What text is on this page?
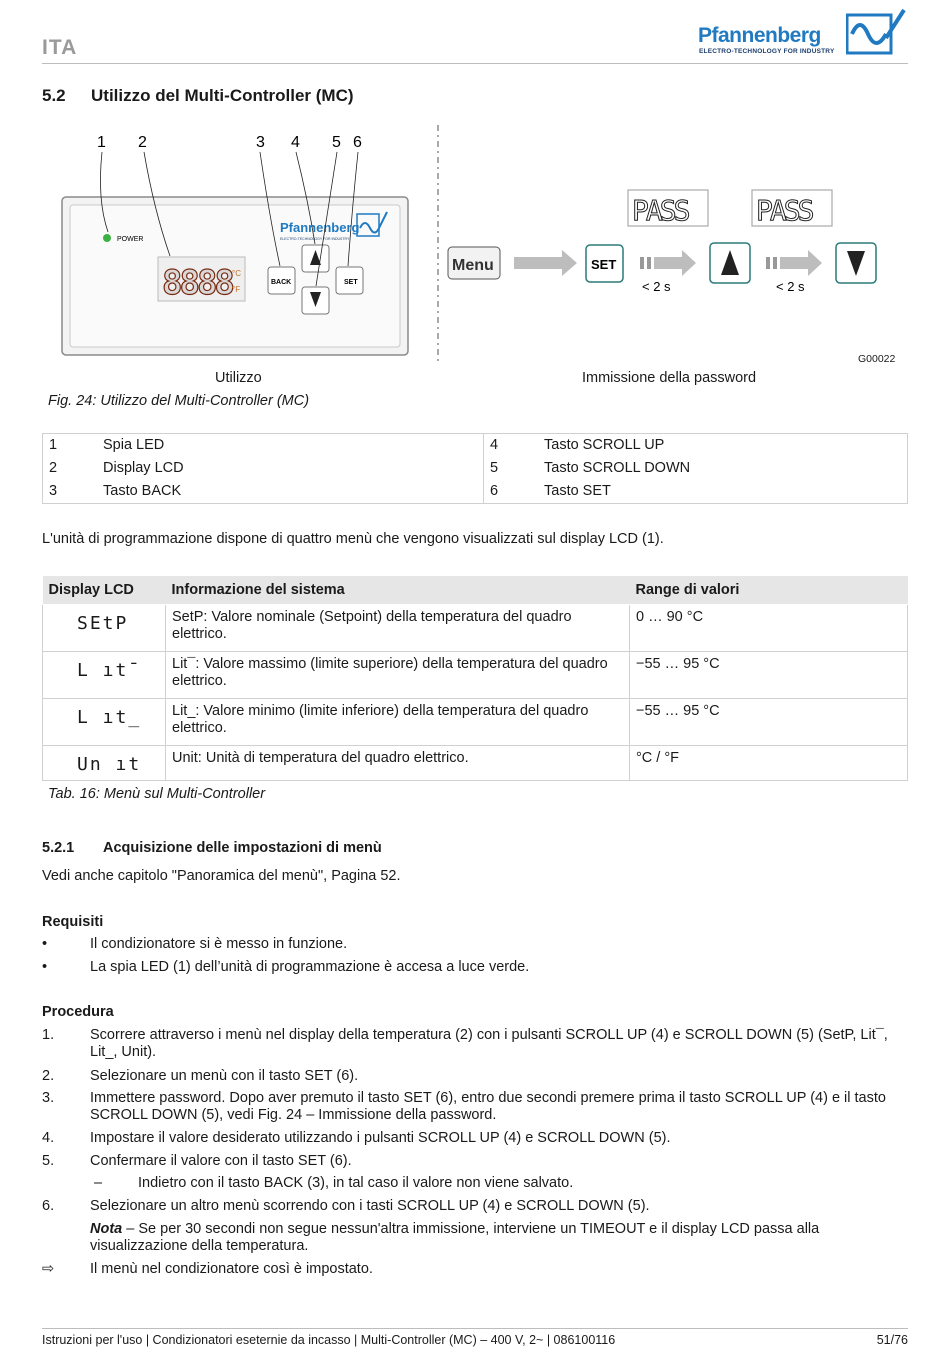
ITA
Pfannenberg
ELECTRO-TECHNOLOGY FOR INDUSTRY
5.2 Utilizzo del Multi-Controller (MC)
1 2	3 4 5 6
POWER
8888 °C
°F
Pfannenberg
ELECTRO-TECHNOLOGY FOR INDUSTRY
BACK	SET
Menu	SET
< 2 s
PASS
< 2 s
PASS
Utilizzo	Immissione della password
G00022
Fig. 24: Utilizzo del Multi-Controller (MC)
1	Spia LED	4	Tasto SCROLL UP
2	Display LCD	5	Tasto SCROLL DOWN
3	Tasto BACK	6	Tasto SET
L'unità di programmazione dispone di quattro menù che vengono visualizzati sul display LCD (1).
Display LCD	Informazione del sistema	Range di valori

SEtP	SetP: Valore nominale (Setpoint) della temperatura del quadro elettrico.	0 … 90 °C

L ıt¯	Lit¯: Valore massimo (limite superiore) della temperatura del quadro elettrico.	−55 … 95 °C

L ıt_	Lit_: Valore minimo (limite inferiore) della temperatura del quadro elettrico.	−55 … 95 °C

Un ıt	Unit: Unità di temperatura del quadro elettrico.	°C / °F
Tab. 16: Menù sul Multi-Controller
5.2.1 Acquisizione delle impostazioni di menù
Vedi anche capitolo "Panoramica del menù", Pagina 52.
Requisiti
•	Il condizionatore si è messo in funzione.
•	La spia LED (1) dell’unità di programmazione è accesa a luce verde.
Procedura
1. Scorrere attraverso i menù nel display della temperatura (2) con i pulsanti SCROLL UP (4) e SCROLL DOWN (5) (SetP, Lit¯, Lit_, Unit).
2. Selezionare un menù con il tasto SET (6).
3. Immettere password. Dopo aver premuto il tasto SET (6), entro due secondi premere prima il tasto SCROLL UP (4) e il tasto SCROLL DOWN (5), vedi Fig. 24 – Immissione della password.
4. Impostare il valore desiderato utilizzando i pulsanti SCROLL UP (4) e SCROLL DOWN (5).
5. Confermare il valore con il tasto SET (6).
– Indietro con il tasto BACK (3), in tal caso il valore non viene salvato.
6. Selezionare un altro menù scorrendo con i tasti SCROLL UP (4) e SCROLL DOWN (5).
Nota – Se per 30 secondi non segue nessun'altra immissione, interviene un TIMEOUT e il display LCD passa alla visualizzazione della temperatura.
⇨ Il menù nel condizionatore così è impostato.
Istruzioni per l'uso | Condizionatori eseternie da incasso | Multi-Controller (MC) – 400 V, 2~ | 086100116	51/76
